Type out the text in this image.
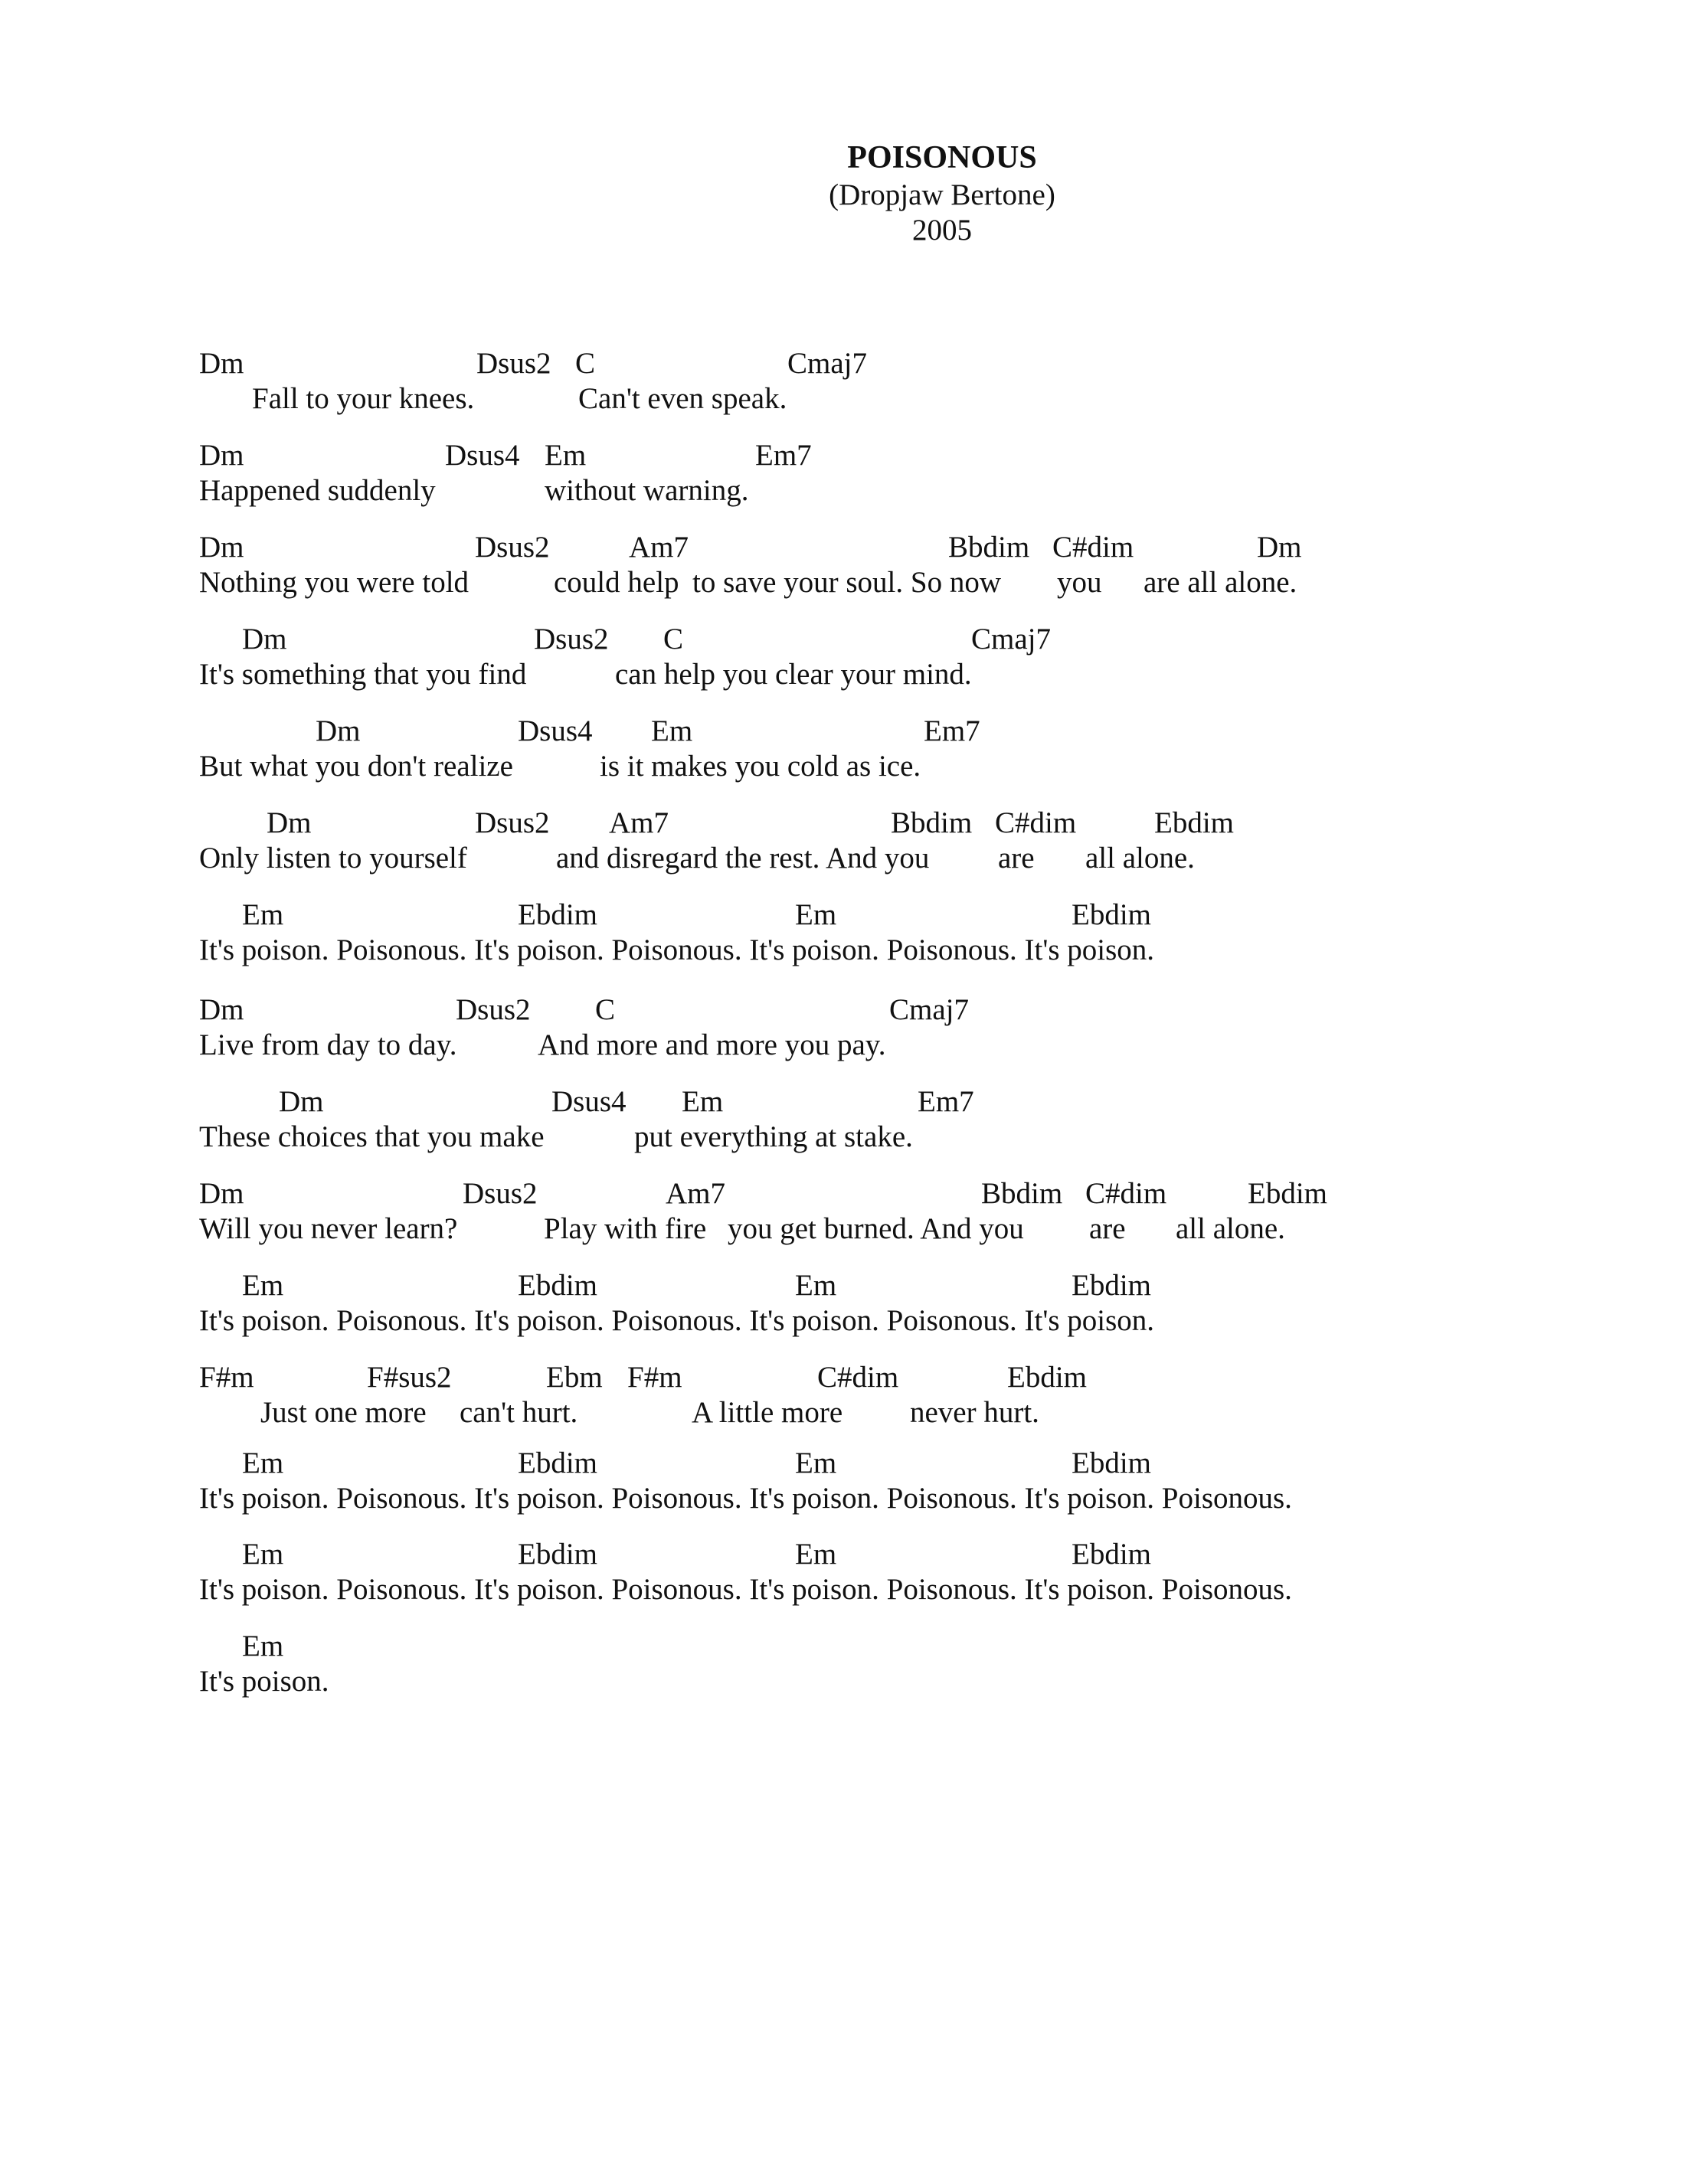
POISONOUS
(Dropjaw Bertone)
2005
Dm	Dsus2 C	Cmaj7
Fall to your knees.	Can't even speak.
Dm	Dsus4 Em	Em7
Happened suddenly	without warning.
Dm	Dsus2	Am7	Bbdim C#dim	Dm
Nothing you were told	could help to save your soul. So now you are all alone.
Dm	Dsus2 C	Cmaj7
It's something that you find	can help you clear your mind.
Dm	Dsus4 Em	Em7
But what you don't realize	is it makes you cold as ice.
Dm	Dsus2 Am7	Bbdim C#dim	Ebdim
Only listen to yourself	and disregard the rest. And you are all alone.
Em	Ebdim	Em	Ebdim
It's poison. Poisonous. It's poison. Poisonous. It's poison. Poisonous. It's poison.
Dm	Dsus2 C	Cmaj7
Live from day to day.	And more and more you pay.
Dm	Dsus4 Em	Em7
These choices that you make	put everything at stake.
Dm	Dsus2	Am7	Bbdim C#dim	Ebdim
Will you never learn?	Play with fire you get burned. And you are all alone.
Em	Ebdim	Em	Ebdim
It's poison. Poisonous. It's poison. Poisonous. It's poison. Poisonous. It's poison.
F#m	F#sus2	Ebm F#m	C#dim	Ebdim
Just one more can't hurt.	A little more never hurt.
Em	Ebdim	Em	Ebdim
It's poison. Poisonous. It's poison. Poisonous. It's poison. Poisonous. It's poison. Poisonous.
Em	Ebdim	Em	Ebdim
It's poison. Poisonous. It's poison. Poisonous. It's poison. Poisonous. It's poison. Poisonous.
Em
It's poison.
